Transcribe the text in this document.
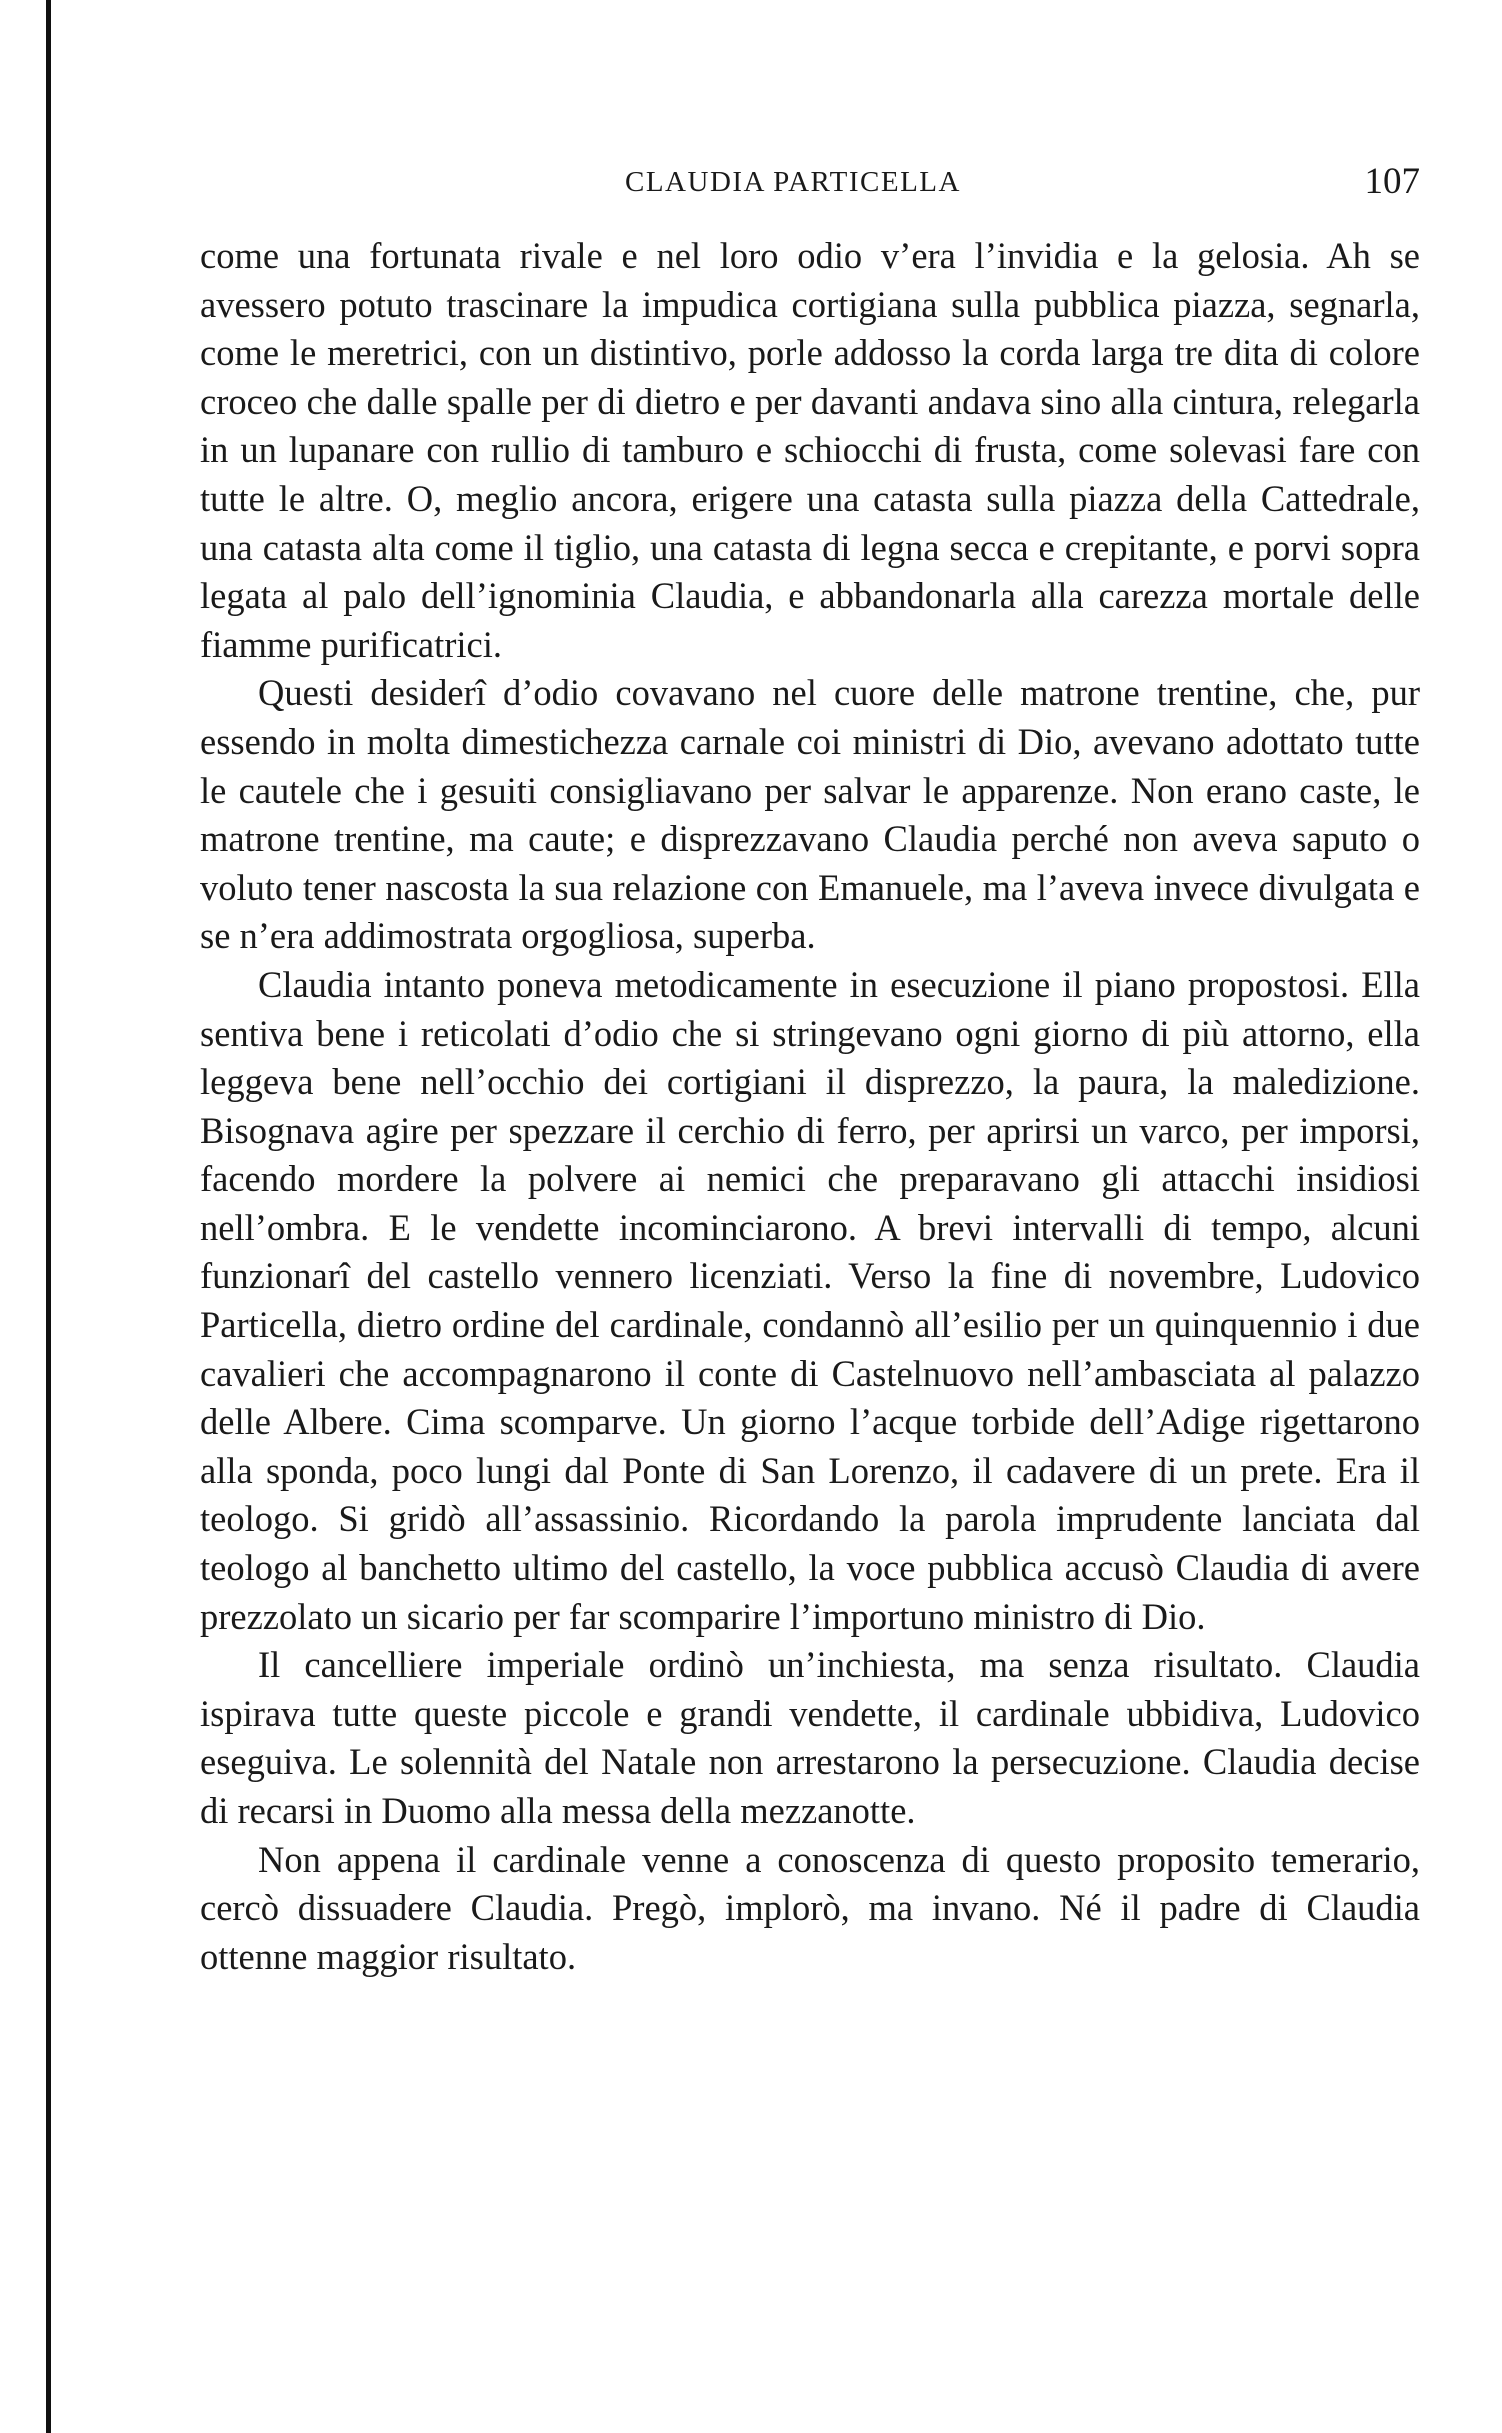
CLAUDIA PARTICELLA	107

come una fortunata rivale e nel loro odio v’era l’invidia e la gelosia. Ah se avessero potuto trascinare la impudica cortigiana sulla pubblica piazza, segnarla, come le meretrici, con un distintivo, porle addosso la corda larga tre dita di colore croceo che dalle spalle per di dietro e per davanti andava sino alla cintura, relegarla in un lupanare con rullio di tamburo e schiocchi di frusta, come solevasi fare con tutte le altre. O, meglio ancora, erigere una catasta sulla piazza della Cattedrale, una catasta alta come il tiglio, una catasta di legna secca e crepitante, e porvi sopra legata al palo dell’ignominia Claudia, e abbandonarla alla carezza mortale delle fiamme purificatrici.

Questi desiderî d’odio covavano nel cuore delle matrone trentine, che, pur essendo in molta dimestichezza carnale coi ministri di Dio, avevano adottato tutte le cautele che i gesuiti consigliavano per salvar le apparenze. Non erano caste, le matrone trentine, ma caute; e disprezzavano Claudia perché non aveva saputo o voluto tener nascosta la sua relazione con Emanuele, ma l’aveva invece divulgata e se n’era addimostrata orgogliosa, superba.

Claudia intanto poneva metodicamente in esecuzione il piano propostosi. Ella sentiva bene i reticolati d’odio che si stringevano ogni giorno di più attorno, ella leggeva bene nell’occhio dei cortigiani il disprezzo, la paura, la maledizione. Bisognava agire per spezzare il cerchio di ferro, per aprirsi un varco, per imporsi, facendo mordere la polvere ai nemici che preparavano gli attacchi insidiosi nell’ombra. E le vendette incominciarono. A brevi intervalli di tempo, alcuni funzionarî del castello vennero licenziati. Verso la fine di novembre, Ludovico Particella, dietro ordine del cardinale, condannò all’esilio per un quinquennio i due cavalieri che accompagnarono il conte di Castelnuovo nell’ambasciata al palazzo delle Albere. Cima scomparve. Un giorno l’acque torbide dell’Adige rigettarono alla sponda, poco lungi dal Ponte di San Lorenzo, il cadavere di un prete. Era il teologo. Si gridò all’assassinio. Ricordando la parola imprudente lanciata dal teologo al banchetto ultimo del castello, la voce pubblica accusò Claudia di avere prezzolato un sicario per far scomparire l’importuno ministro di Dio.

Il cancelliere imperiale ordinò un’inchiesta, ma senza risultato. Claudia ispirava tutte queste piccole e grandi vendette, il cardinale ubbidiva, Ludovico eseguiva. Le solennità del Natale non arrestarono la persecuzione. Claudia decise di recarsi in Duomo alla messa della mezzanotte.

Non appena il cardinale venne a conoscenza di questo proposito temerario, cercò dissuadere Claudia. Pregò, implorò, ma invano. Né il padre di Claudia ottenne maggior risultato.
